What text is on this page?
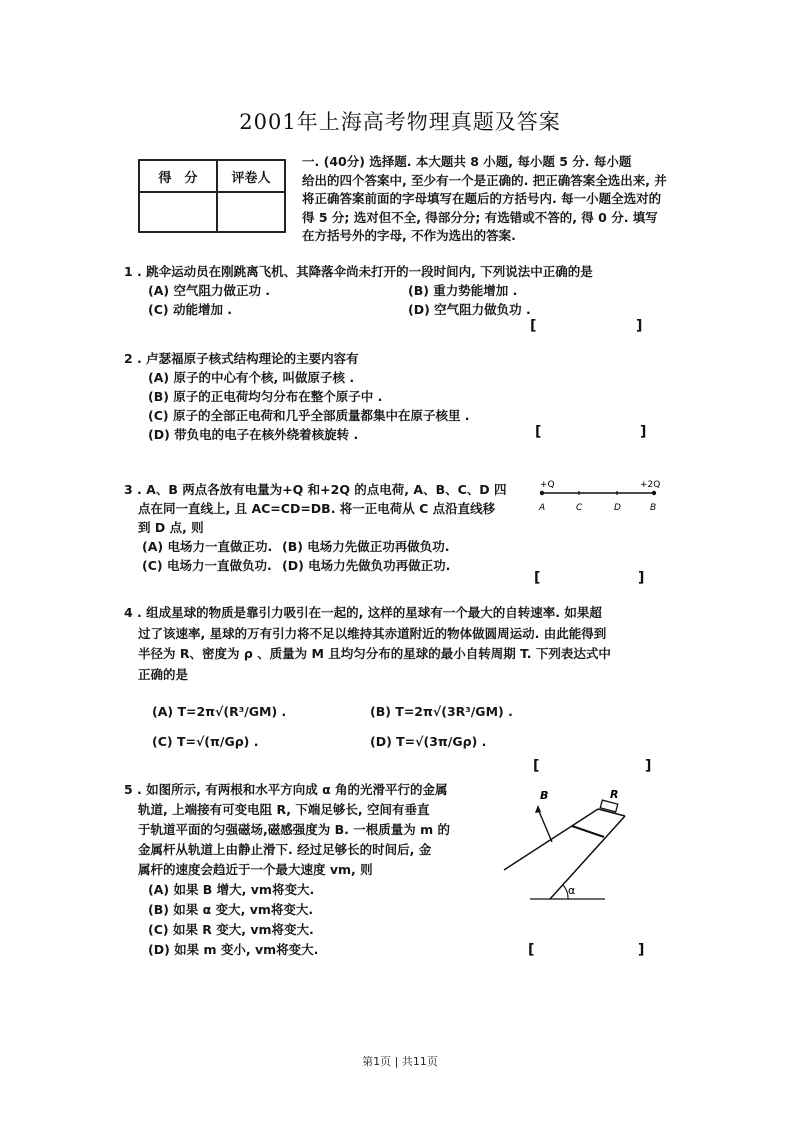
2001年上海高考物理真题及答案
得　分	评卷人

一. (40分) 选择题. 本大题共 8 小题, 每小题 5 分. 每小题
给出的四个答案中, 至少有一个是正确的. 把正确答案全选出来, 并
将正确答案前面的字母填写在题后的方括号内. 每一小题全选对的
得 5 分; 选对但不全, 得部分分; 有选错或不答的, 得 0 分. 填写
在方括号外的字母, 不作为选出的答案.
1 . 跳伞运动员在刚跳离飞机、其降落伞尚未打开的一段时间内, 下列说法中正确的是
(A) 空气阻力做正功 .	(B) 重力势能增加 .
(C) 动能增加 .	(D) 空气阻力做负功 .
[	]
2 . 卢瑟福原子核式结构理论的主要内容有
(A) 原子的中心有个核, 叫做原子核 .
(B) 原子的正电荷均匀分布在整个原子中 .
(C) 原子的全部正电荷和几乎全部质量都集中在原子核里 .
(D) 带负电的电子在核外绕着核旋转 .	[	]
3 . A、B 两点各放有电量为+Q 和+2Q 的点电荷, A、B、C、D 四
点在同一直线上, 且 AC=CD=DB. 将一正电荷从 C 点沿直线移
到 D 点, 则
(A) 电场力一直做正功. (B) 电场力先做正功再做负功.
(C) 电场力一直做负功. (D) 电场力先做负功再做正功.
+Q	+2Q
A	C	D	B
[	]
4 . 组成星球的物质是靠引力吸引在一起的, 这样的星球有一个最大的自转速率. 如果超
过了该速率, 星球的万有引力将不足以维持其赤道附近的物体做圆周运动. 由此能得到
半径为 R、密度为 ρ 、质量为 M 且均匀分布的星球的最小自转周期 T. 下列表达式中
正确的是
(A) T=2π√(R³/GM) .	(B) T=2π√(3R³/GM) .
(C) T=√(π/Gρ) .	(D) T=√(3π/Gρ) .
[	]
5 . 如图所示, 有两根和水平方向成 α 角的光滑平行的金属
轨道, 上端接有可变电阻 R, 下端足够长, 空间有垂直
于轨道平面的匀强磁场,磁感强度为 B. 一根质量为 m 的
金属杆从轨道上由静止滑下. 经过足够长的时间后, 金
属杆的速度会趋近于一个最大速度 vm, 则
(A) 如果 B 增大, vm将变大.
(B) 如果 α 变大, vm将变大.
(C) 如果 R 变大, vm将变大.
(D) 如果 m 变小, vm将变大.
B	R
α
[	]
第1页 | 共11页
